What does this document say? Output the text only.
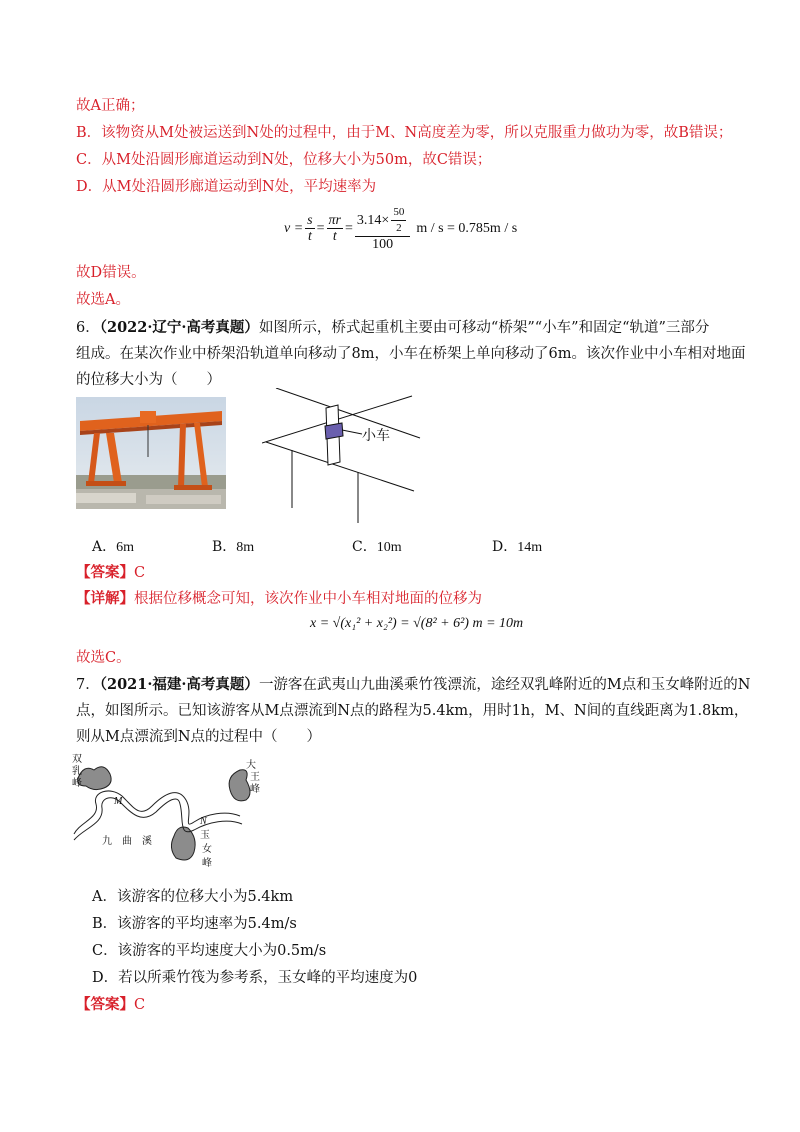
故A正确；
B．该物资从M处被运送到N处的过程中，由于M、N高度差为零，所以克服重力做功为零，故B错误；
C．从M处沿圆形廊道运动到N处，位移大小为50m，故C错误；
D．从M处沿圆形廊道运动到N处，平均速率为
$v = \frac{s}{t} = \frac{\pi r}{t} = \frac{3.14\times \frac{50}{2}}{100}$ m / s = 0.785m / s
故D错误。
故选A。
6．（2022·辽宁·高考真题）如图所示，桥式起重机主要由可移动“桥架”“小车”和固定“轨道”三部分
组成。在某次作业中桥架沿轨道单向移动了8m，小车在桥架上单向移动了6m。该次作业中小车相对地面
的位移大小为（　　）
小车
A．6m	B．8m	C．10m	D．14m
【答案】C
【详解】根据位移概念可知，该次作业中小车相对地面的位移为
x = √(x₁² + x₂²) = √(8² + 6²) m = 10m
故选C。
7．（2021·福建·高考真题）一游客在武夷山九曲溪乘竹筏漂流，途经双乳峰附近的M点和玉女峰附近的N
点，如图所示。已知该游客从M点漂流到N点的路程为5.4km，用时1h，M、N间的直线距离为1.8km，
则从M点漂流到N点的过程中（　　）
M
N
双
乳
峰
大
王
峰
九　曲　溪
玉
女
峰
A．该游客的位移大小为5.4km
B．该游客的平均速率为5.4m/s
C．该游客的平均速度大小为0.5m/s
D．若以所乘竹筏为参考系，玉女峰的平均速度为0
【答案】C
